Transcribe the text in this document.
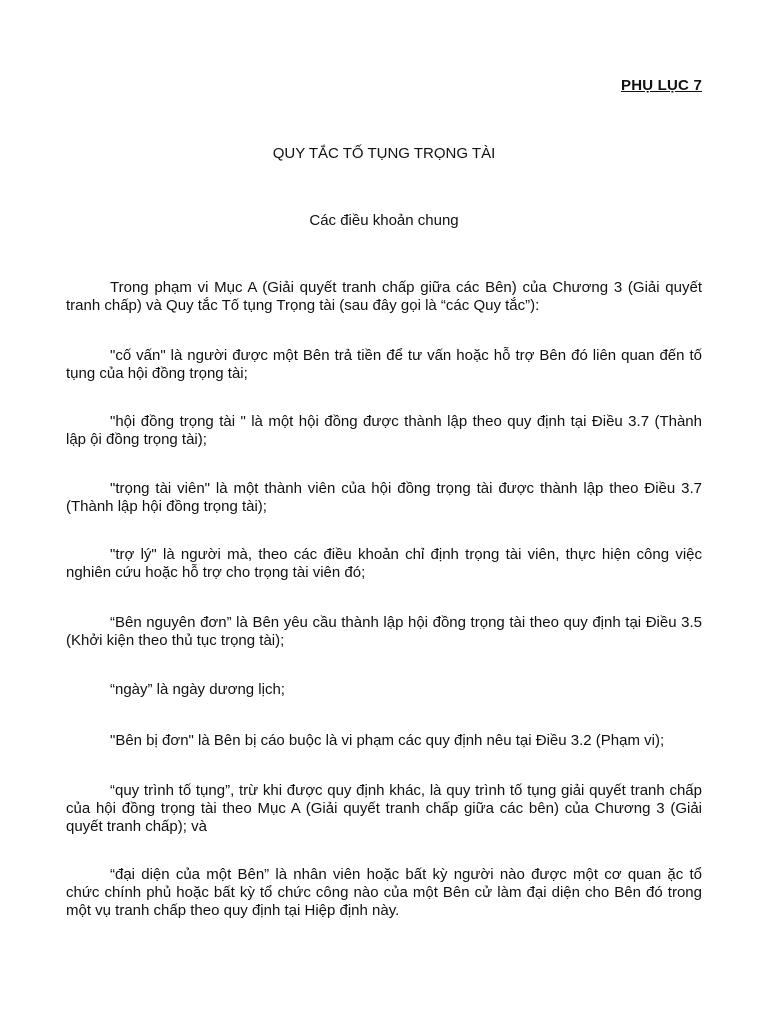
PHỤ LỤC 7
QUY TẮC TỐ TỤNG TRỌNG TÀI
Các điều khoản chung

Trong phạm vi Mục A (Giải quyết tranh chấp giữa các Bên) của Chương 3 (Giải quyết tranh chấp) và Quy tắc Tố tụng Trọng tài (sau đây gọi là “các Quy tắc”):

"cố vấn" là người được một Bên trả tiền để tư vấn hoặc hỗ trợ Bên đó liên quan đến tố tụng của hội đồng trọng tài;

"hội đồng trọng tài " là một hội đồng được thành lập theo quy định tại Điều 3.7 (Thành lập ội đồng trọng tài);

"trọng tài viên" là một thành viên của hội đồng trọng tài được thành lập theo Điều 3.7 (Thành lập hội đồng trọng tài);

"trợ lý" là người mà, theo các điều khoản chỉ định trọng tài viên, thực hiện công việc nghiên cứu hoặc hỗ trợ cho trọng tài viên đó;

“Bên nguyên đơn” là Bên yêu cầu thành lập hội đồng trọng tài theo quy định tại Điều 3.5 (Khởi kiện theo thủ tục trọng tài);

“ngày” là ngày dương lịch;

"Bên bị đơn" là Bên bị cáo buộc là vi phạm các quy định nêu tại Điều 3.2 (Phạm vi);

“quy trình tố tụng”, trừ khi được quy định khác, là quy trình tố tụng giải quyết tranh chấp của hội đồng trọng tài theo Mục A (Giải quyết tranh chấp giữa các bên) của Chương 3 (Giải quyết tranh chấp); và

“đại diện của một Bên” là nhân viên hoặc bất kỳ người nào được một cơ quan ặc tổ chức chính phủ hoặc bất kỳ tổ chức công nào của một Bên cử làm đại diện cho Bên đó trong một vụ tranh chấp theo quy định tại Hiệp định này.
